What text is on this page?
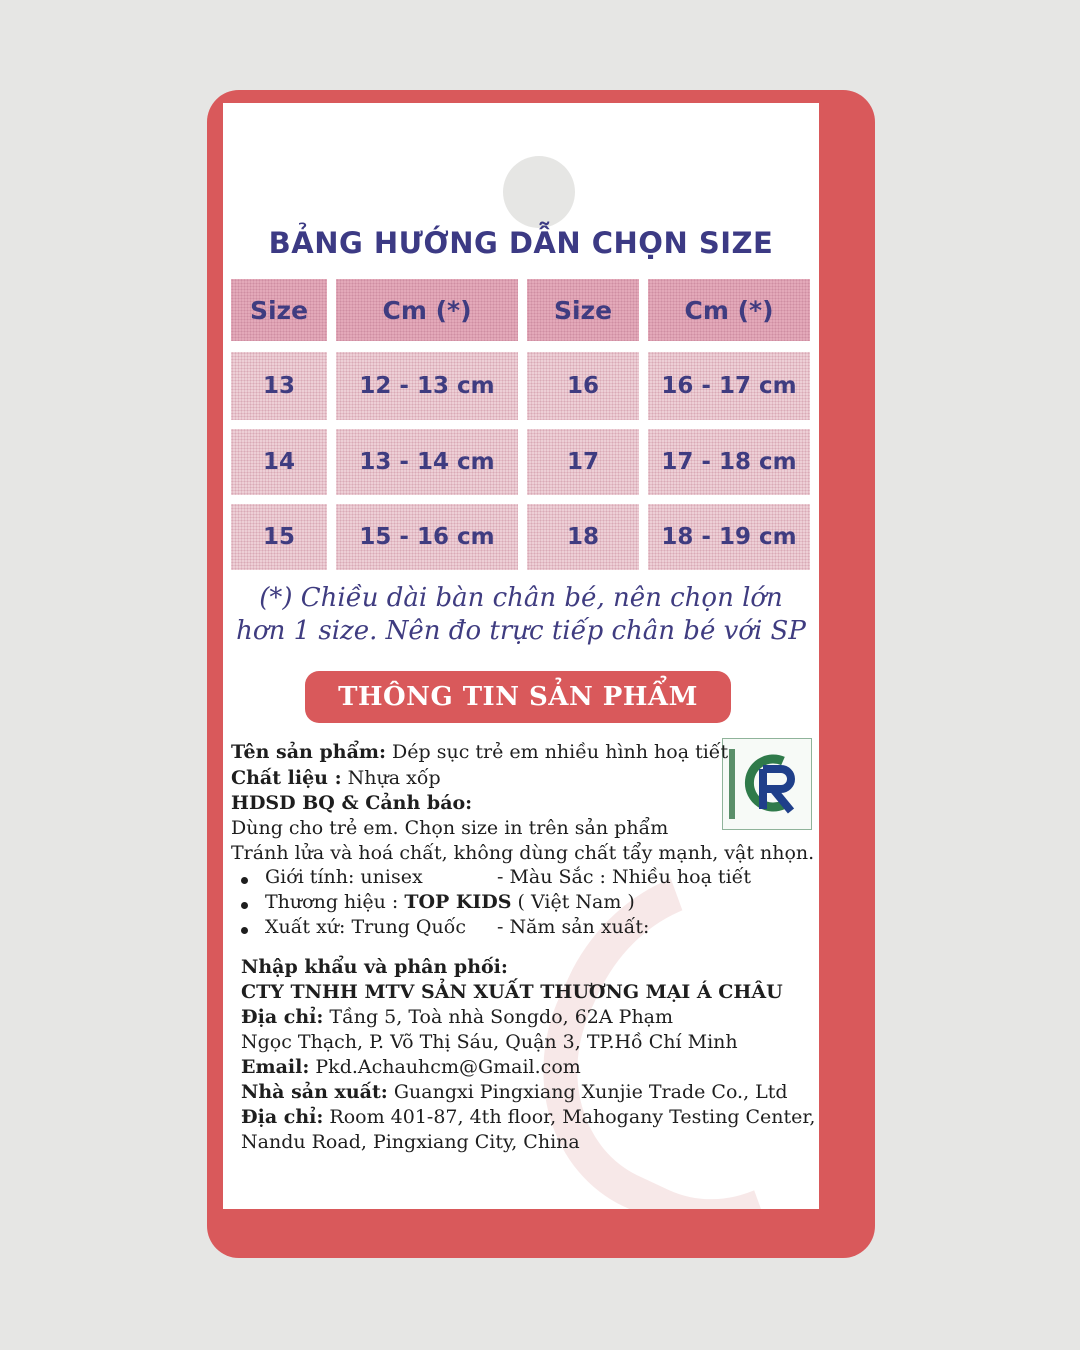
BẢNG HƯỚNG DẪN CHỌN SIZE
Size	Cm (*)	Size	Cm (*)
13	12 - 13 cm	16	16 - 17 cm
14	13 - 14 cm	17	17 - 18 cm
15	15 - 16 cm	18	18 - 19 cm
(*) Chiều dài bàn chân bé, nên chọn lớn
hơn 1 size. Nên đo trực tiếp chân bé với SP
THÔNG TIN SẢN PHẨM
Tên sản phẩm: Dép sục trẻ em nhiều hình hoạ tiết
Chất liệu : Nhựa xốp
HDSD BQ & Cảnh báo:
Dùng cho trẻ em. Chọn size in trên sản phẩm
Tránh lửa và hoá chất, không dùng chất tẩy mạnh, vật nhọn.
Giới tính: unisex	- Màu Sắc : Nhiều hoạ tiết
Thương hiệu : TOP KIDS ( Việt Nam )
Xuất xứ: Trung Quốc - Năm sản xuất:
Nhập khẩu và phân phối:
CTY TNHH MTV SẢN XUẤT THƯƠNG MẠI Á CHÂU
Địa chỉ: Tầng 5, Toà nhà Songdo, 62A Phạm
Ngọc Thạch, P. Võ Thị Sáu, Quận 3, TP.Hồ Chí Minh
Email: Pkd.Achauhcm@Gmail.com
Nhà sản xuất: Guangxi Pingxiang Xunjie Trade Co., Ltd
Địa chỉ: Room 401-87, 4th floor, Mahogany Testing Center,
Nandu Road, Pingxiang City, China
